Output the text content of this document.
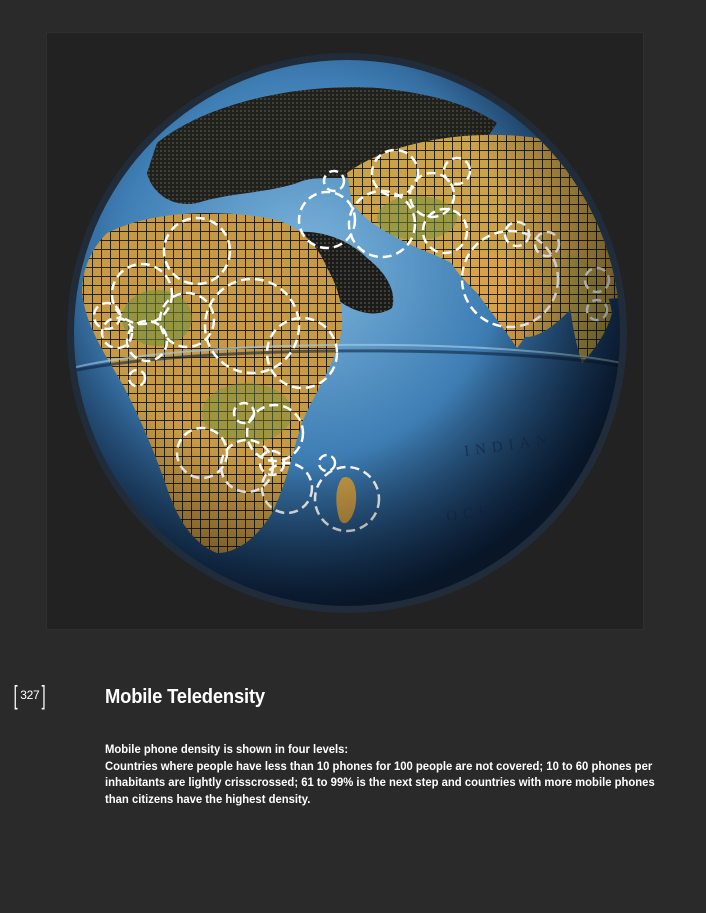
[ 327 ]	Mobile Teledensity

Mobile phone density is shown in four levels:

Countries where people have less than 10 phones for 100 people are not covered; 10 to 60 phones per inhabitants are lightly crisscrossed; 61 to 99% is the next step and countries with more mobile phones than citizens have the highest density.
